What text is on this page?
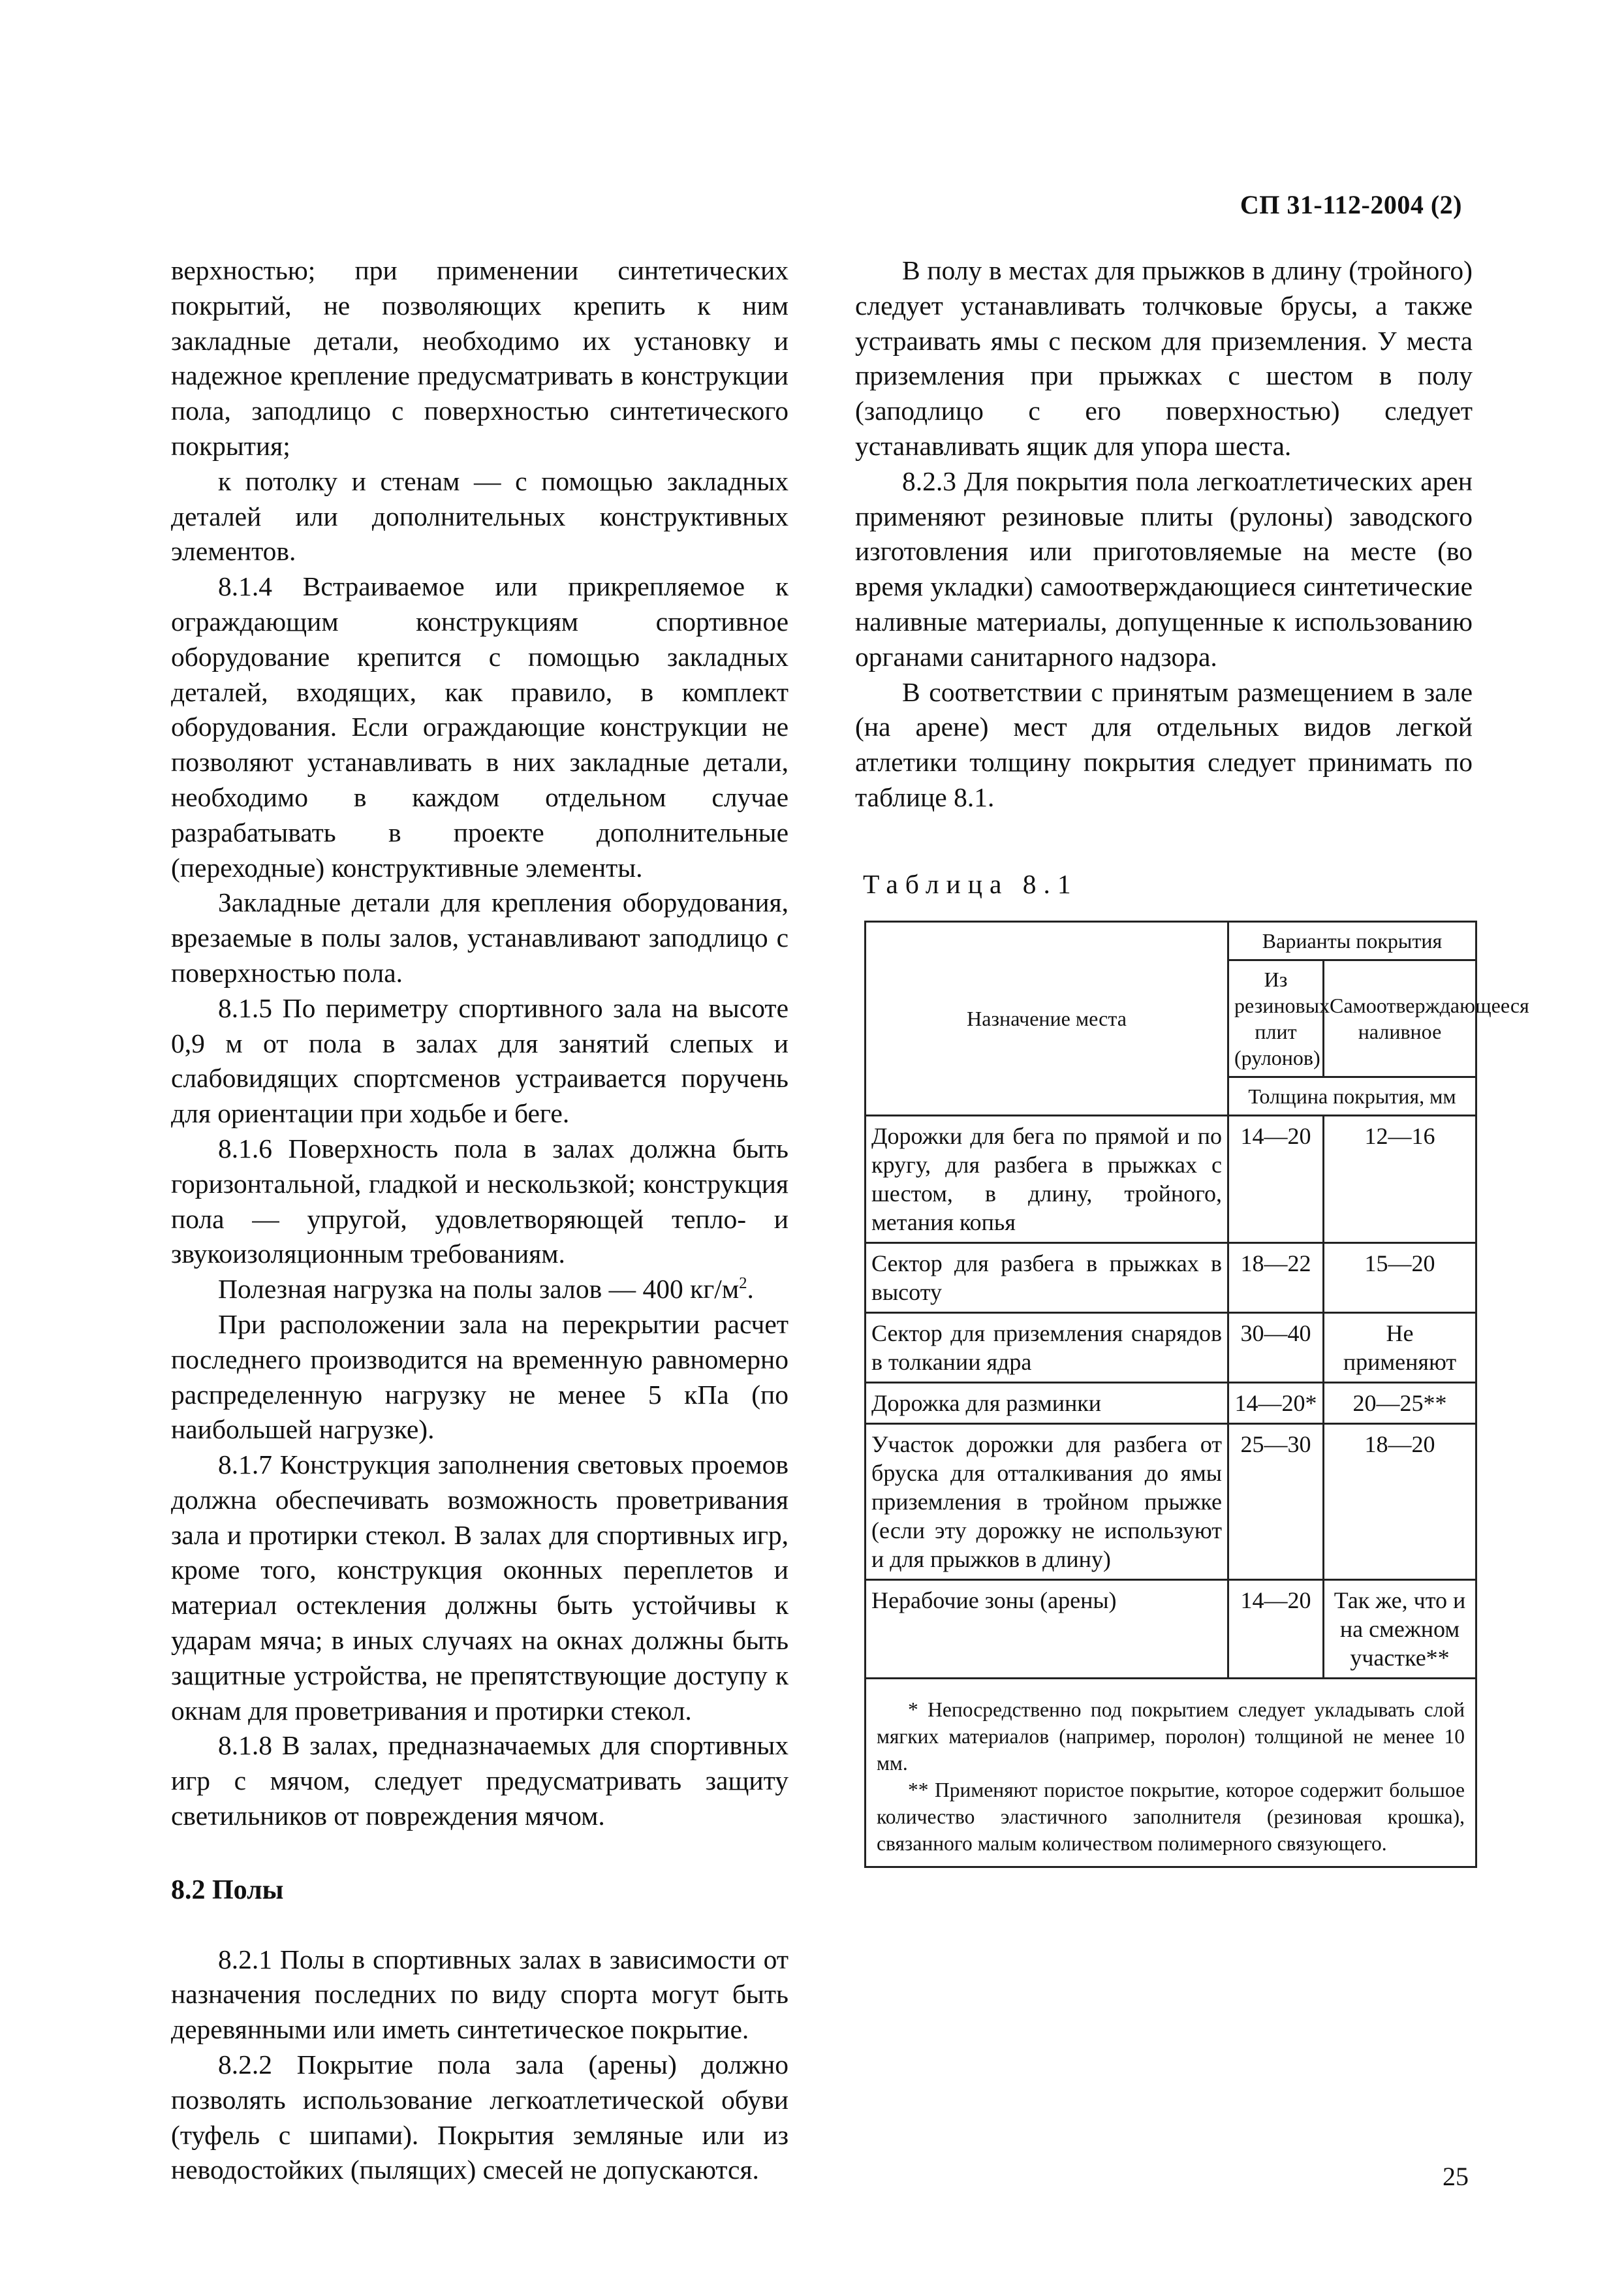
СП 31-112-2004 (2)

верхностью; при применении синтетических покрытий, не позволяющих крепить к ним закладные детали, необходимо их установку и надежное крепление предусматривать в конструкции пола, заподлицо с поверхностью синтетического покрытия;

к потолку и стенам — с помощью закладных деталей или дополнительных конструктивных элементов.

8.1.4 Встраиваемое или прикрепляемое к ограждающим конструкциям спортивное оборудование крепится с помощью закладных деталей, входящих, как правило, в комплект оборудования. Если ограждающие конструкции не позволяют устанавливать в них закладные детали, необходимо в каждом отдельном случае разрабатывать в проекте дополнительные (переходные) конструктивные элементы.

Закладные детали для крепления оборудования, врезаемые в полы залов, устанавливают заподлицо с поверхностью пола.

8.1.5 По периметру спортивного зала на высоте 0,9 м от пола в залах для занятий слепых и слабовидящих спортсменов устраивается поручень для ориентации при ходьбе и беге.

8.1.6 Поверхность пола в залах должна быть горизонтальной, гладкой и нескользкой; конструкция пола — упругой, удовлетворяющей тепло- и звукоизоляционным требованиям.

Полезная нагрузка на полы залов — 400 $кг/м^2$.

При расположении зала на перекрытии расчет последнего производится на временную равномерно распределенную нагрузку не менее 5 кПа (по наибольшей нагрузке).

8.1.7 Конструкция заполнения световых проемов должна обеспечивать возможность проветривания зала и протирки стекол. В залах для спортивных игр, кроме того, конструкция оконных переплетов и материал остекления должны быть устойчивы к ударам мяча; в иных случаях на окнах должны быть защитные устройства, не препятствующие доступу к окнам для проветривания и протирки стекол.

8.1.8 В залах, предназначаемых для спортивных игр с мячом, следует предусматривать защиту светильников от повреждения мячом.

8.2 Полы

8.2.1 Полы в спортивных залах в зависимости от назначения последних по виду спорта могут быть деревянными или иметь синтетическое покрытие.

8.2.2 Покрытие пола зала (арены) должно позволять использование легкоатлетической обуви (туфель с шипами). Покрытия земляные или из неводостойких (пылящих) смесей не допускаются.

В полу в местах для прыжков в длину (тройного) следует устанавливать толчковые брусы, а также устраивать ямы с песком для приземления. У места приземления при прыжках с шестом в полу (заподлицо с его поверхностью) следует устанавливать ящик для упора шеста.

8.2.3 Для покрытия пола легкоатлетических арен применяют резиновые плиты (рулоны) заводского изготовления или приготовляемые на месте (во время укладки) самоотверждающиеся синтетические наливные материалы, допущенные к использованию органами санитарного надзора.

В соответствии с принятым размещением в зале (на арене) мест для отдельных видов легкой атлетики толщину покрытия следует принимать по таблице 8.1.

Таблица 8.1
Назначение места	Варианты покрытия	
	Из резиновых плит (рулонов)	Самоотверждающееся наливное
	Толщина покрытия, мм	
Дорожки для бега по прямой и по кругу, для разбега в прыжках с шестом, в длину, тройного, метания копья	14—20	12—16
Сектор для разбега в прыжках в высоту	18—22	15—20
Сектор для приземления снарядов в толкании ядра	30—40	Не применяют
Дорожка для разминки	14—20*	20—25**
Участок дорожки для разбега от бруска для отталкивания до ямы приземления в тройном прыжке (если эту дорожку не используют и для прыжков в длину)	25—30	18—20
Нерабочие зоны (арены)	14—20	Так же, что и на смежном участке**

* Непосредственно под покрытием следует укладывать слой мягких материалов (например, поролон) толщиной не менее 10 мм.

** Применяют пористое покрытие, которое содержит большое количество эластичного заполнителя (резиновая крошка), связанного малым количеством полимерного связующего.		

25
